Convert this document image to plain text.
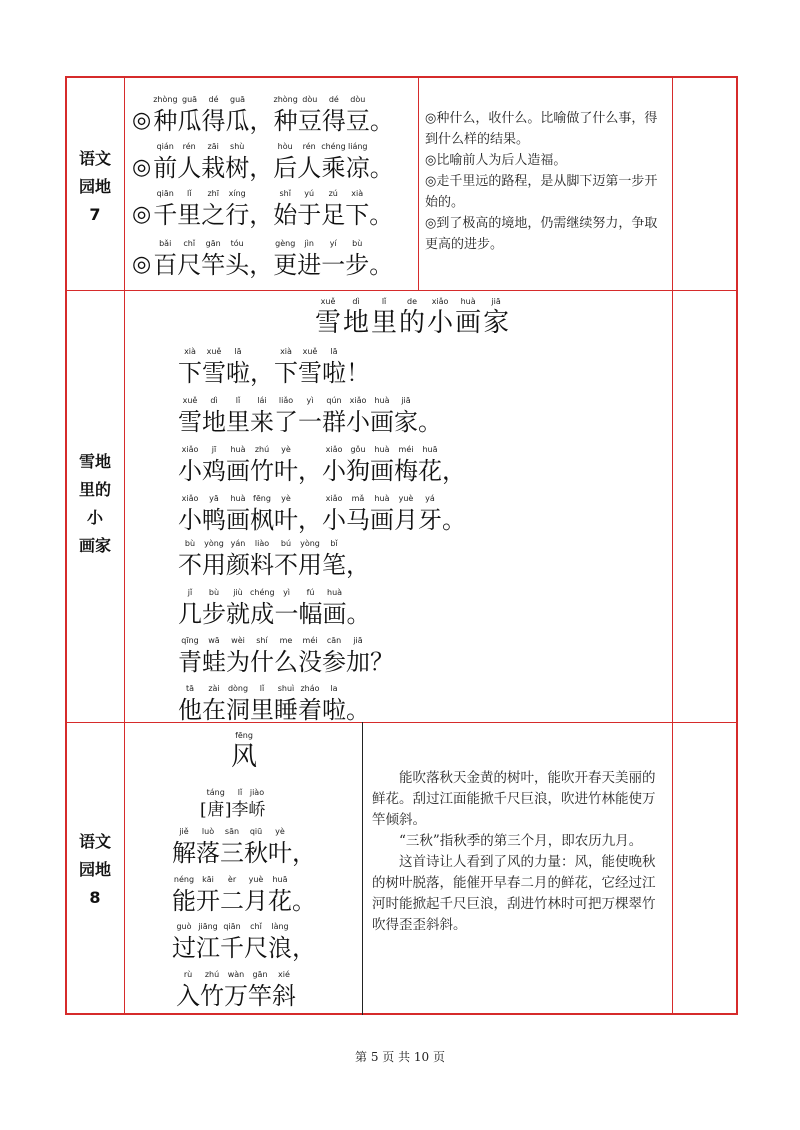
语文
园地
7
雪地
里的
小
画家
语文
园地
8
◎
zhòng
种
guā
瓜
dé
得
guā
瓜 ，
zhòng
种
dòu
豆
dé
得
dòu
豆 。
◎
qián
前
rén
人
zāi
栽
shù
树 ，
hòu
后
rén
人
chéng
乘
liáng
凉 。
◎
qiān
千
lǐ
里
zhī
之
xíng
行 ，
shǐ
始
yú
于
zú
足
xià
下 。
◎
bǎi
百
chǐ
尺
gān
竿
tóu
头 ，
gèng
更
jìn
进
yí
一
bù
步 。

◎种什么，收什么。比喻做了什么事，得到什么样的结果。

◎比喻前人为后人造福。

◎走千里远的路程，是从脚下迈第一步开始的。

◎到了极高的境地，仍需继续努力，争取更高的进步。

xuě
雪
dì
地
lǐ
里
de
的
xiǎo
小
huà
画
jiā
家
xià
下
xuě
雪
lā
啦 ，
xià
下
xuě
雪
lā
啦 ！
xuě
雪
dì
地
lǐ
里
lái
来
liǎo
了
yì
一
qún
群
xiǎo
小
huà
画
jiā
家 。
xiǎo
小
jī
鸡
huà
画
zhú
竹
yè
叶 ，
xiǎo
小
gǒu
狗
huà
画
méi
梅
huā
花 ，
xiǎo
小
yā
鸭
huà
画
fēng
枫
yè
叶 ，
xiǎo
小
mǎ
马
huà
画
yuè
月
yá
牙 。
bù
不
yòng
用
yán
颜
liào
料
bú
不
yòng
用
bǐ
笔 ，
jǐ
几
bù
步
jiù
就
chéng
成
yì
一
fú
幅
huà
画 。
qīng
青
wā
蛙
wèi
为
shí
什
me
么
méi
没
cān
参
jiā
加 ？
tā
他
zài
在
dòng
洞
lǐ
里
shuì
睡
zháo
着
la
啦 。
fēng
风
[
táng
唐 ]
lǐ
李
jiào
峤
jiě
解
luò
落
sān
三
qiū
秋
yè
叶 ，
néng
能
kāi
开
èr
二
yuè
月
huā
花 。
guò
过
jiāng
江
qiān
千
chǐ
尺
làng
浪 ，
rù
入
zhú
竹
wàn
万
gān
竿
xié
斜

能吹落秋天金黄的树叶，能吹开春天美丽的鲜花。刮过江面能掀千尺巨浪，吹进竹林能使万竿倾斜。

“三秋”指秋季的第三个月，即农历九月。

这首诗让人看到了风的力量：风，能使晚秋的树叶脱落，能催开早春二月的鲜花，它经过江河时能掀起千尺巨浪，刮进竹林时可把万棵翠竹吹得歪歪斜斜。

第 5 页 共 10 页
